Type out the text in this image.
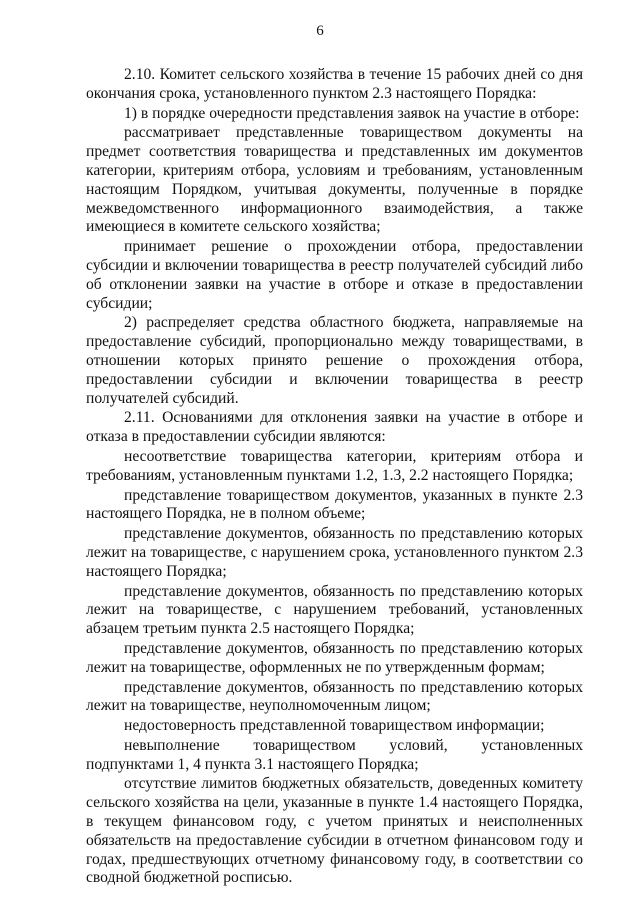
6

2.10. Комитет сельского хозяйства в течение 15 рабочих дней со дня окончания срока, установленного пунктом 2.3 настоящего Порядка:

1) в порядке очередности представления заявок на участие в отборе:

рассматривает представленные товариществом документы на предмет соответствия товарищества и представленных им документов категории, критериям отбора, условиям и требованиям, установленным настоящим Порядком, учитывая документы, полученные в порядке межведомственного информационного взаимодействия, а также имеющиеся в комитете сельского хозяйства;

принимает решение о прохождении отбора, предоставлении субсидии и включении товарищества в реестр получателей субсидий либо об отклонении заявки на участие в отборе и отказе в предоставлении субсидии;

2) распределяет средства областного бюджета, направляемые на предоставление субсидий, пропорционально между товариществами, в отношении которых принято решение о прохождения отбора, предоставлении субсидии и включении товарищества в реестр получателей субсидий.

2.11. Основаниями для отклонения заявки на участие в отборе и отказа в предоставлении субсидии являются:

несоответствие товарищества категории, критериям отбора и требованиям, установленным пунктами 1.2, 1.3, 2.2 настоящего Порядка;

представление товариществом документов, указанных в пункте 2.3 настоящего Порядка, не в полном объеме;

представление документов, обязанность по представлению которых лежит на товариществе, с нарушением срока, установленного пунктом 2.3 настоящего Порядка;

представление документов, обязанность по представлению которых лежит на товариществе, с нарушением требований, установленных абзацем третьим пункта 2.5 настоящего Порядка;

представление документов, обязанность по представлению которых лежит на товариществе, оформленных не по утвержденным формам;

представление документов, обязанность по представлению которых лежит на товариществе, неуполномоченным лицом;

недостоверность представленной товариществом информации;

невыполнение товариществом условий, установленных подпунктами 1, 4 пункта 3.1 настоящего Порядка;

отсутствие лимитов бюджетных обязательств, доведенных комитету сельского хозяйства на цели, указанные в пункте 1.4 настоящего Порядка, в текущем финансовом году, с учетом принятых и неисполненных обязательств на предоставление субсидии в отчетном финансовом году и годах, предшествующих отчетному финансовому году, в соответствии со сводной бюджетной росписью.
